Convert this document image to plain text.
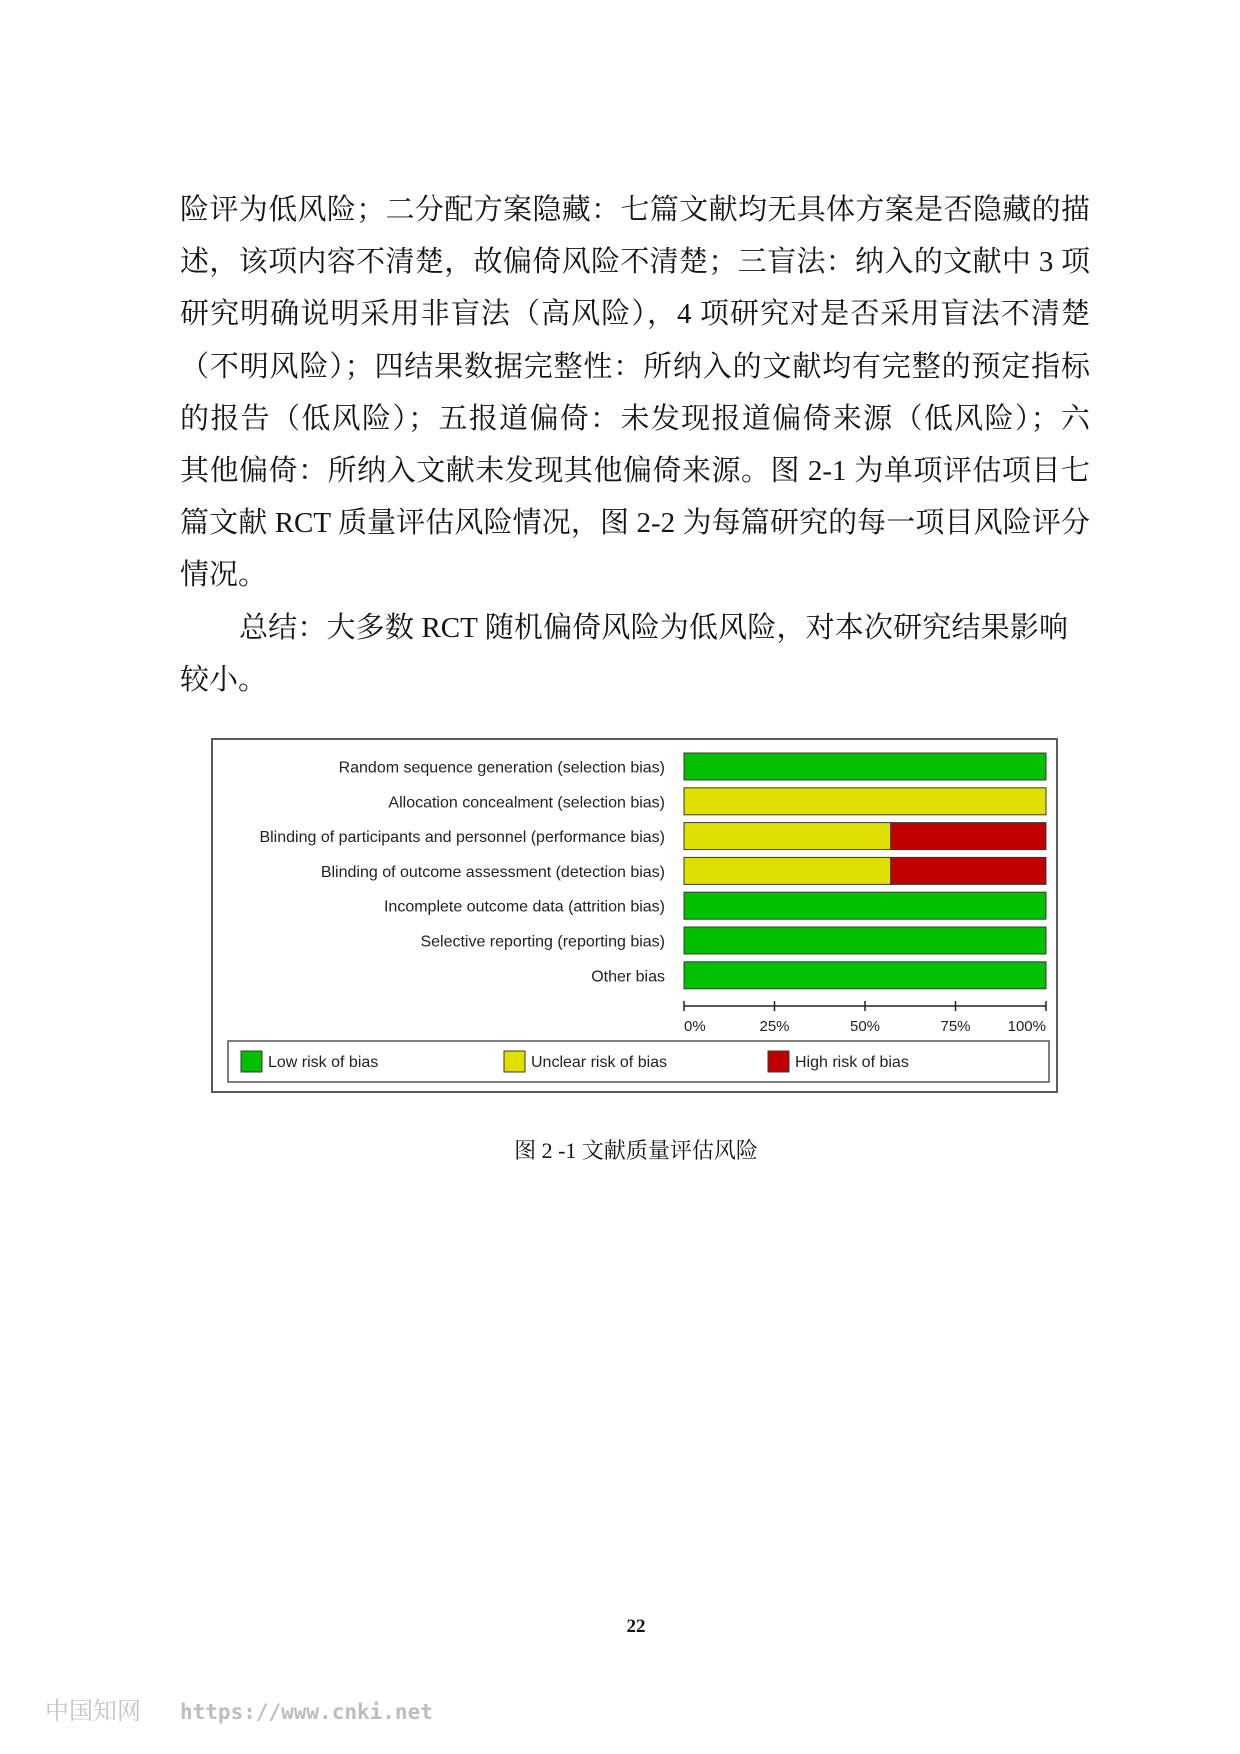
险评为低风险；二分配方案隐藏：七篇文献均无具体方案是否隐藏的描
述，该项内容不清楚，故偏倚风险不清楚；三盲法：纳入的文献中 3 项
研究明确说明采用非盲法（高风险），4 项研究对是否采用盲法不清楚
（不明风险）；四结果数据完整性：所纳入的文献均有完整的预定指标
的报告（低风险）；五报道偏倚：未发现报道偏倚来源（低风险）；六
其他偏倚：所纳入文献未发现其他偏倚来源。图 2-1 为单项评估项目七
篇文献 RCT 质量评估风险情况，图 2-2 为每篇研究的每一项目风险评分
情况。
总结：大多数 RCT 随机偏倚风险为低风险，对本次研究结果影响
较小。
Random sequence generation (selection bias)
Allocation concealment (selection bias)
Blinding of participants and personnel (performance bias)
Blinding of outcome assessment (detection bias)
Incomplete outcome data (attrition bias)
Selective reporting (reporting bias)
Other bias
0%	25%	50%	75% 100%
Low risk of bias	Unclear risk of bias	High risk of bias
图 2 -1 文献质量评估风险
22
中国知网 https://www.cnki.net
